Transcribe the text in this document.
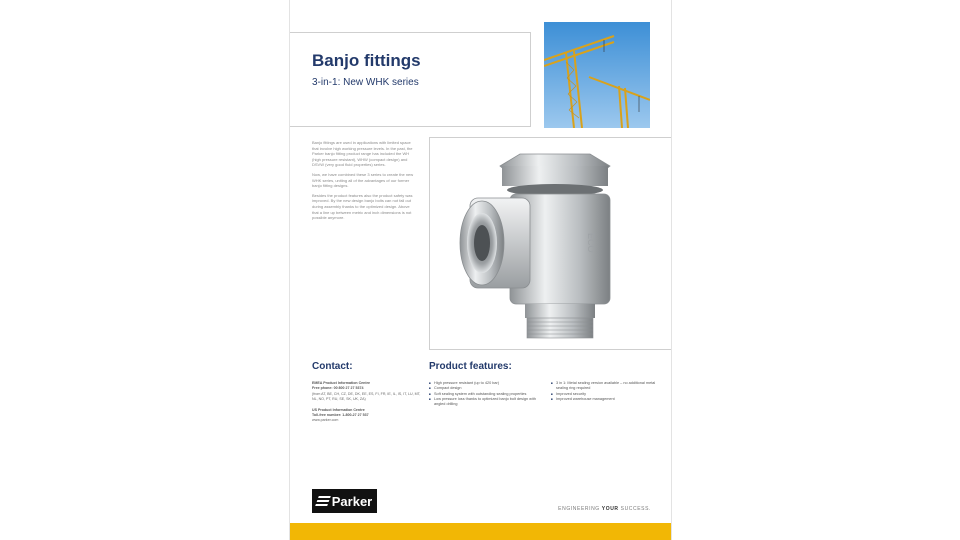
Banjo fittings
3-in-1: New WHK series

Banjo fittings are used in applications with limited space that involve high working pressure levels. In the past, the Parker banjo fitting product range has included the WH (high pressure resistant), WHW (compact design) and DSVW (very good fluid properties) series.

Now, we have combined these 3 series to create the new WHK series, uniting all of the advantages of our former banjo fitting designs.

Besides the product features also the product safety was improved. By the new design banjo bolts can not fall out during assembly thanks to the optimized design. Above that a line up between metric and inch dimensions is not possible anymore.

ECO
Contact:	Product features:

EMEA Product Information Centre
Free phone: 00 800 27 27 5374
(from AT, BE, CH, CZ, DE, DK, EE, ES, FI, FR, IE, IL, IS, IT, LU, MT, NL, NO, PT, RU, SE, SK, UK, ZA)

US Product Information Centre
Toll-free number: 1-800-27 27 537
www.parker.com

■ High pressure resistant (up to 420 bar)
■ Compact design
■ Soft sealing system with outstanding sealing properties
■ Low pressure loss thanks to optimized banjo bolt design with angled drilling
■ 3 in 1: Metal sealing version available – no additional metal sealing ring required
■ Improved security
■ Improved warehouse management
Parker
ENGINEERING YOUR SUCCESS.
